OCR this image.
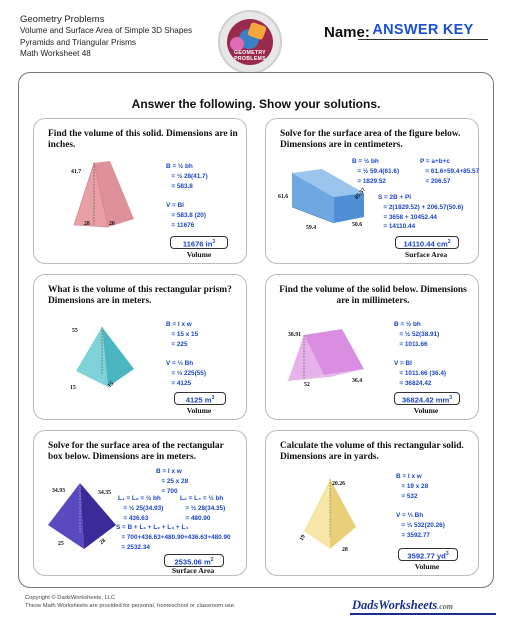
Geometry Problems
Volume and Surface Area of Simple 3D Shapes
Pyramids and Triangular Prisms
Math Worksheet 48	GEOMETRY
PROBLEMS
Name: ANSWER KEY
Answer the following. Show your solutions.
Find the volume of this solid. Dimensions are in inches.
41.7
28	20
B = ½ bh
= ½ 28(41.7)
= 583.8

V = Bl
= 583.8 (20)
= 11676
11676 $in^3$
Volume
Solve for the surface area of the figure below. Dimensions are in centimeters.
61.6
59.4
85.57
50.6
B = ½ bh
= ½ 59.4(61.6)
= 1829.52
P = a+b+c
= 61.6+59.4+85.57
= 206.57
S = 2B + Pl
= 2(1829.52) + 206.57(50.6)
= 3658 + 10452.44
= 14110.44
14110.44 $cm^2$
Surface Area
What is the volume of this rectangular prism? Dimensions are in meters.
55
15	15
B = l x w
= 15 x 15
= 225

V = ⅓ Bh
= ⅓ 225(55)
= 4125
4125 $m^3$
Volume
Find the volume of the solid below. Dimensions are in millimeters.
38.91
52
36.4
B = ½ bh
= ½ 52(38.91)
= 1011.66

V = Bl
= 1011.66 (36.4)
= 36824.42
36824.42 $mm^3$
Volume
Solve for the surface area of the rectangular box below. Dimensions are in meters.
34.93	34.35
25	28
B = l x w
= 25 x 28
= 700
L₁ = L₂ = ½ bh
= ½ 25(34.93)
= 436.63
L₃ = L₄ = ½ bh
= ½ 28(34.35)
= 480.90
S = B + L₁ + L₂ + L₃ + L₄
= 700+436.63+480.90+436.63+480.90
= 2532.34
2535.06 $m^2$
Surface Area
Calculate the volume of this rectangular solid. Dimensions are in yards.
20.26
19
28
B = l x w
= 19 x 28
= 532

V = ⅓ Bh
= ⅓ 532(20.26)
= 3592.77
3592.77 $yd^3$
Volume
Copyright © DadsWorksheets, LLC
These Math Worksheets are provided for personal, homeschool or classroom use.	DadsWorksheets.com
